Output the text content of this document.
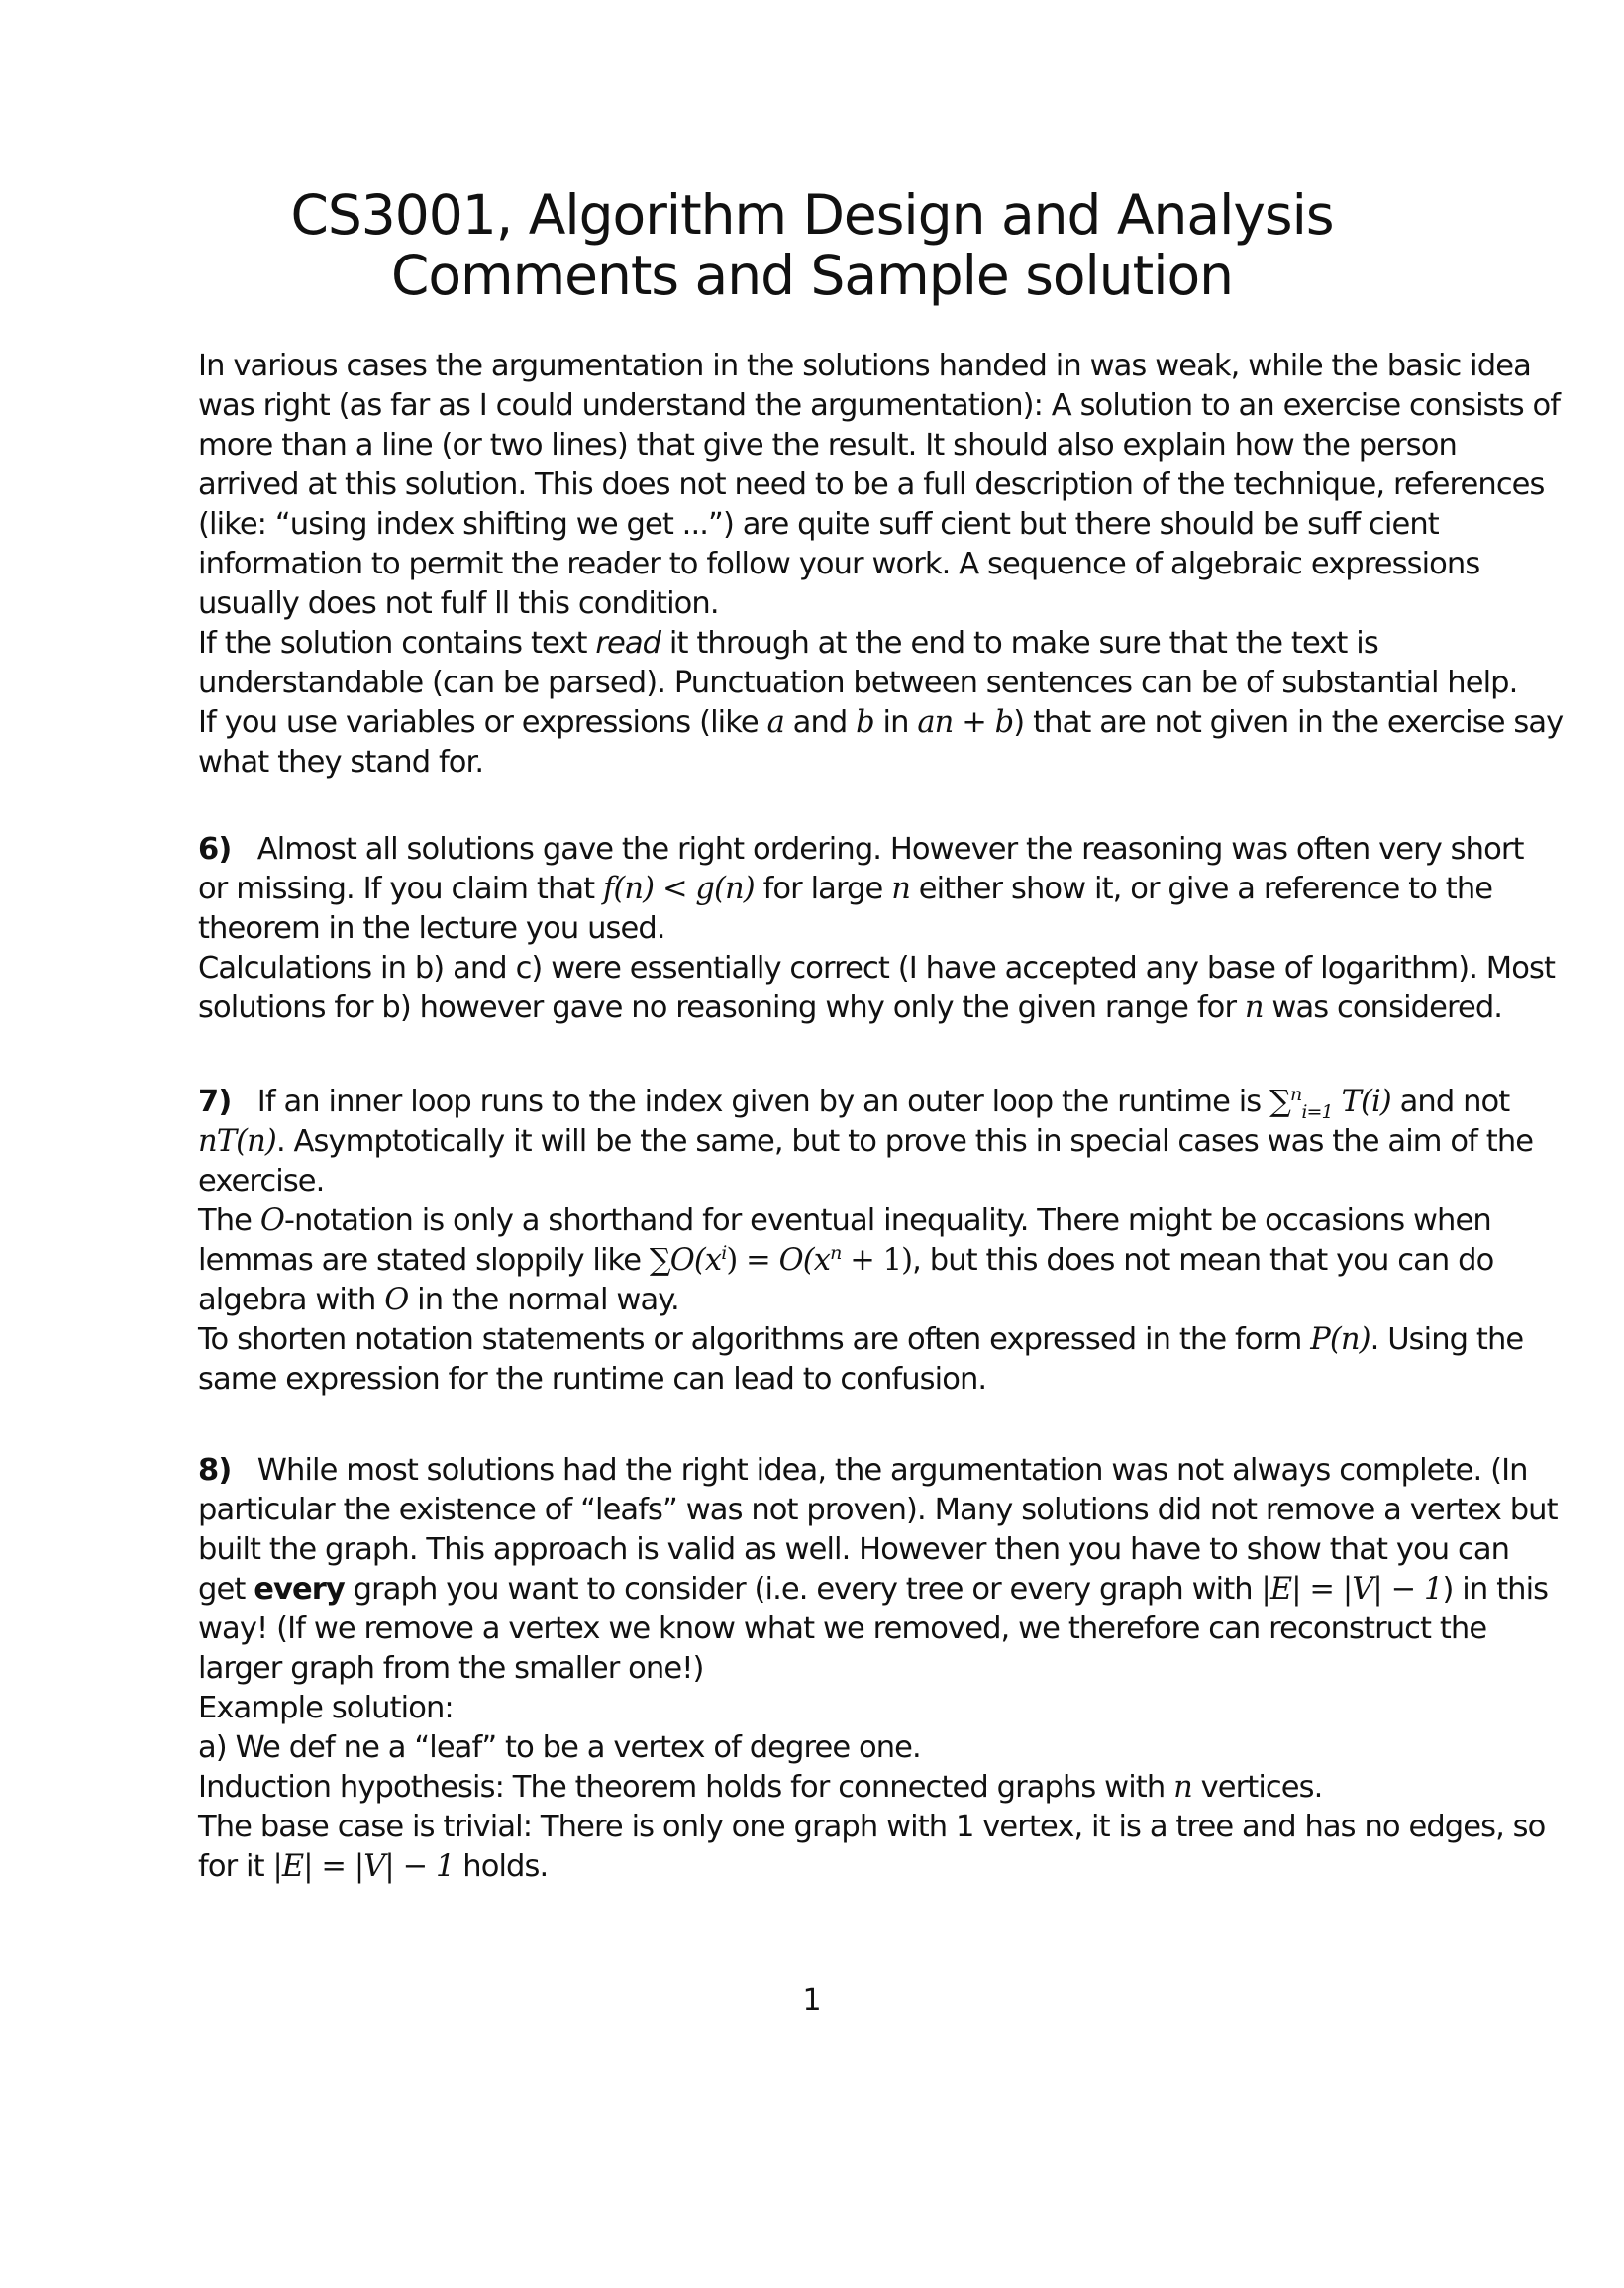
CS3001, Algorithm Design and Analysis
Comments and Sample solution
In various cases the argumentation in the solutions handed in was weak, while the basic idea
was right (as far as I could understand the argumentation): A solution to an exercise consists of
more than a line (or two lines) that give the result. It should also explain how the person
arrived at this solution. This does not need to be a full description of the technique, references
(like: “using index shifting we get ...”) are quite suff cient but there should be suff cient
information to permit the reader to follow your work. A sequence of algebraic expressions
usually does not fulf ll this condition.
If the solution contains text read it through at the end to make sure that the text is
understandable (can be parsed). Punctuation between sentences can be of substantial help.
If you use variables or expressions (like a and b in an + b) that are not given in the exercise say
what they stand for.
6) Almost all solutions gave the right ordering. However the reasoning was often very short
or missing. If you claim that f(n) < g(n) for large n either show it, or give a reference to the
theorem in the lecture you used.
Calculations in b) and c) were essentially correct (I have accepted any base of logarithm). Most
solutions for b) however gave no reasoning why only the given range for n was considered.
7) If an inner loop runs to the index given by an outer loop the runtime is ∑$^n_{i=1}$ T(i) and not
nT(n). Asymptotically it will be the same, but to prove this in special cases was the aim of the
exercise.
The O-notation is only a shorthand for eventual inequality. There might be occasions when
lemmas are stated sloppily like $\sum O(x^i) = O(x^n + 1)$, but this does not mean that you can do
algebra with O in the normal way.
To shorten notation statements or algorithms are often expressed in the form P(n). Using the
same expression for the runtime can lead to confusion.
8) While most solutions had the right idea, the argumentation was not always complete. (In
particular the existence of “leafs” was not proven). Many solutions did not remove a vertex but
built the graph. This approach is valid as well. However then you have to show that you can
get every graph you want to consider (i.e. every tree or every graph with |E| = |V| − 1) in this
way! (If we remove a vertex we know what we removed, we therefore can reconstruct the
larger graph from the smaller one!)
Example solution:
a) We def ne a “leaf” to be a vertex of degree one.
Induction hypothesis: The theorem holds for connected graphs with n vertices.
The base case is trivial: There is only one graph with 1 vertex, it is a tree and has no edges, so
for it |E| = |V| − 1 holds.
1
